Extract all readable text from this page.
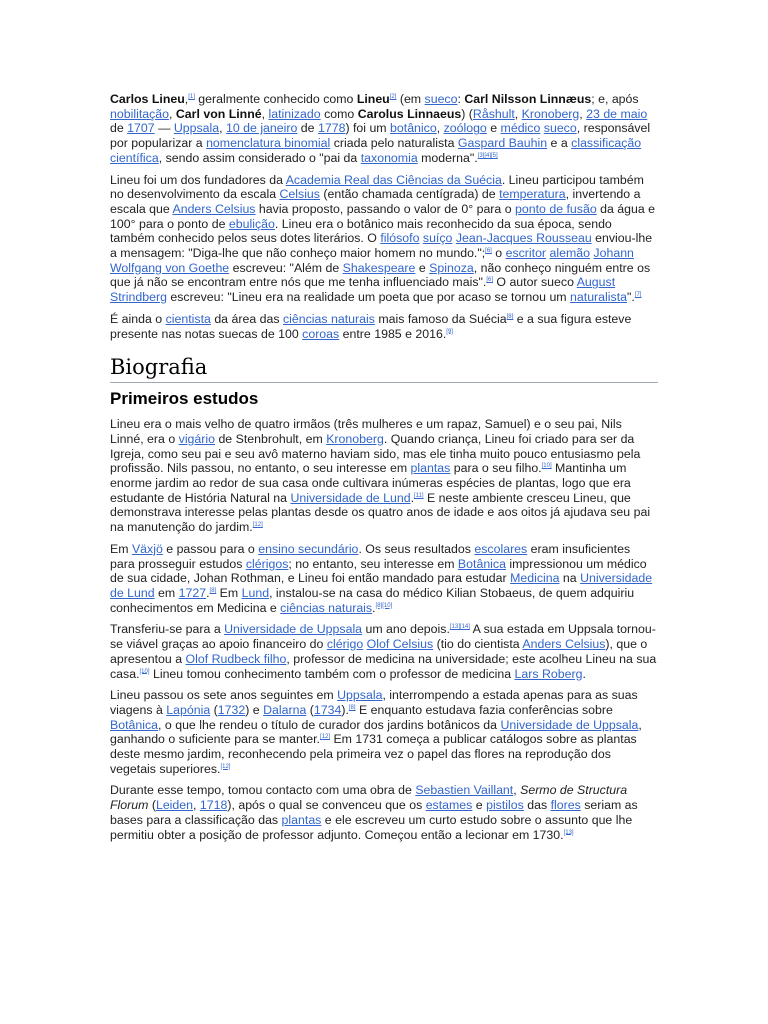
Carlos Lineu,[1] geralmente conhecido como Lineu[2] (em sueco: Carl Nilsson Linnæus; e, após nobilitação, Carl von Linné, latinizado como Carolus Linnaeus) (Råshult, Kronoberg, 23 de maio de 1707 — Uppsala, 10 de janeiro de 1778) foi um botânico, zoólogo e médico sueco, responsável por popularizar a nomenclatura binomial criada pelo naturalista Gaspard Bauhin e a classificação científica, sendo assim considerado o "pai da taxonomia moderna".[3][4][5]

Lineu foi um dos fundadores da Academia Real das Ciências da Suécia. Lineu participou também no desenvolvimento da escala Celsius (então chamada centígrada) de temperatura, invertendo a escala que Anders Celsius havia proposto, passando o valor de 0° para o ponto de fusão da água e 100° para o ponto de ebulição. Lineu era o botânico mais reconhecido da sua época, sendo também conhecido pelos seus dotes literários. O filósofo suíço Jean-Jacques Rousseau enviou-lhe a mensagem: "Diga-lhe que não conheço maior homem no mundo.";[6] o escritor alemão Johann Wolfgang von Goethe escreveu: "Além de Shakespeare e Spinoza, não conheço ninguém entre os que já não se encontram entre nós que me tenha influenciado mais".[6] O autor sueco August Strindberg escreveu: "Lineu era na realidade um poeta que por acaso se tornou um naturalista".[7]

É ainda o cientista da área das ciências naturais mais famoso da Suécia[8] e a sua figura esteve presente nas notas suecas de 100 coroas entre 1985 e 2016.[9]

Biografia
Primeiros estudos

Lineu era o mais velho de quatro irmãos (três mulheres e um rapaz, Samuel) e o seu pai, Nils Linné, era o vigário de Stenbrohult, em Kronoberg. Quando criança, Lineu foi criado para ser da Igreja, como seu pai e seu avô materno haviam sido, mas ele tinha muito pouco entusiasmo pela profissão. Nils passou, no entanto, o seu interesse em plantas para o seu filho.[10] Mantinha um enorme jardim ao redor de sua casa onde cultivara inúmeras espécies de plantas, logo que era estudante de História Natural na Universidade de Lund.[11] E neste ambiente cresceu Lineu, que demonstrava interesse pelas plantas desde os quatro anos de idade e aos oitos já ajudava seu pai na manutenção do jardim.[12]

Em Växjö e passou para o ensino secundário. Os seus resultados escolares eram insuficientes para prosseguir estudos clérigos; no entanto, seu interesse em Botânica impressionou um médico de sua cidade, Johan Rothman, e Lineu foi então mandado para estudar Medicina na Universidade de Lund em 1727.[8] Em Lund, instalou-se na casa do médico Kilian Stobaeus, de quem adquiriu conhecimentos em Medicina e ciências naturais.[8][10]

Transferiu-se para a Universidade de Uppsala um ano depois.[13][14] A sua estada em Uppsala tornou-se viável graças ao apoio financeiro do clérigo Olof Celsius (tio do cientista Anders Celsius), que o apresentou a Olof Rudbeck filho, professor de medicina na universidade; este acolheu Lineu na sua casa.[10] Lineu tomou conhecimento também com o professor de medicina Lars Roberg.

Lineu passou os sete anos seguintes em Uppsala, interrompendo a estada apenas para as suas viagens à Lapónia (1732) e Dalarna (1734).[8] E enquanto estudava fazia conferências sobre Botânica, o que lhe rendeu o título de curador dos jardins botânicos da Universidade de Uppsala, ganhando o suficiente para se manter.[12] Em 1731 começa a publicar catálogos sobre as plantas deste mesmo jardim, reconhecendo pela primeira vez o papel das flores na reprodução dos vegetais superiores.[12]

Durante esse tempo, tomou contacto com uma obra de Sebastien Vaillant, Sermo de Structura Florum (Leiden, 1718), após o qual se convenceu que os estames e pistilos das flores seriam as bases para a classificação das plantas e ele escreveu um curto estudo sobre o assunto que lhe permitiu obter a posição de professor adjunto. Começou então a lecionar em 1730.[13]
